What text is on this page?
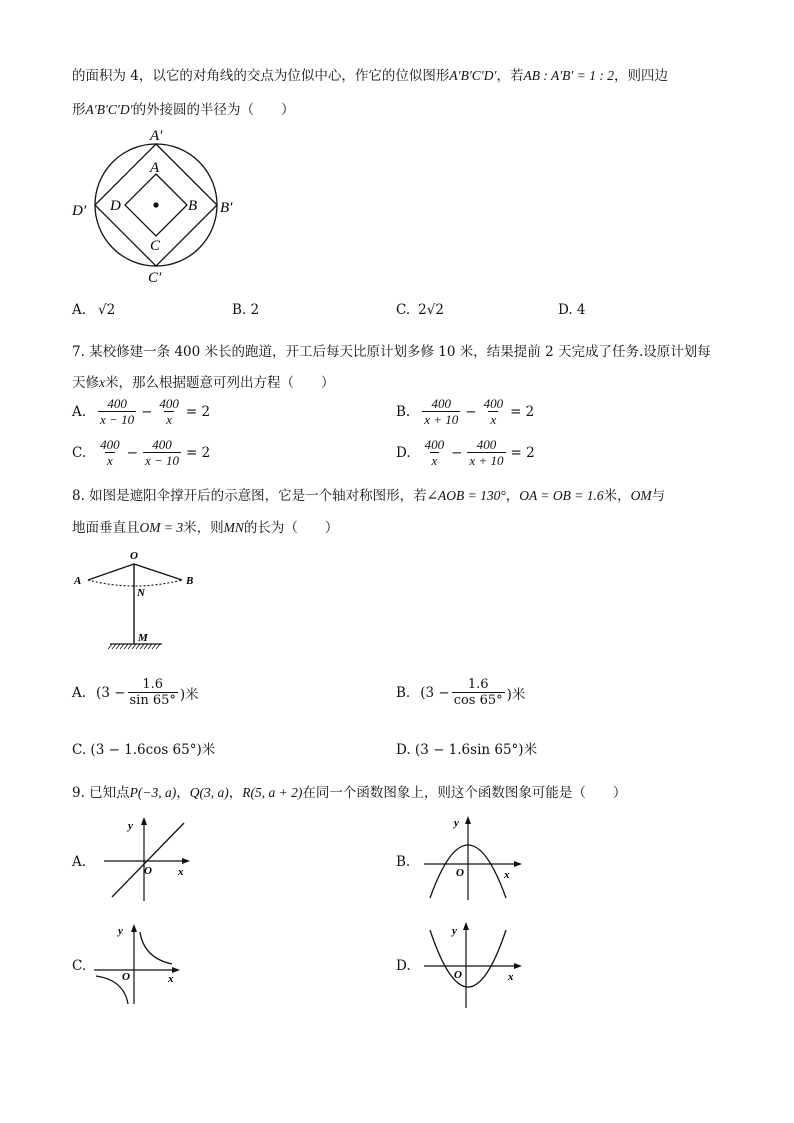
的面积为 4，以它的对角线的交点为位似中心，作它的位似图形A′B′C′D′，若AB : A′B′ = 1 : 2，则四边
形A′B′C′D′的外接圆的半径为（　　）
A′
B′
C′
D′
A
B
C
D
A. √2	B. 2	C. 2√2	D. 4
7. 某校修建一条 400 米长的跑道，开工后每天比原计划多修 10 米，结果提前 2 天完成了任务.设原计划每
天修x米，那么根据题意可列出方程（　　）
A. $\frac{400}{x - 10} - \frac{400}{x} = 2$	B. $\frac{400}{x + 10} - \frac{400}{x} = 2$
C. $\frac{400}{x} - \frac{400}{x - 10} = 2$	D. $\frac{400}{x} - \frac{400}{x + 10} = 2$
8. 如图是遮阳伞撑开后的示意图，它是一个轴对称图形，若∠AOB = 130°，OA = OB = 1.6米，OM与
地面垂直且OM = 3米，则MN的长为（　　）
O
A	B
N
M
A. ($3 - \frac{1.6}{\sin 65^\circ}$ )米	B. ($3 - \frac{1.6}{\cos 65^\circ}$ )米
C. (3 − 1.6cos 65°)米	D. (3 − 1.6sin 65°)米
9. 已知点P(−3, a)，Q(3, a)，R(5, a + 2)在同一个函数图象上，则这个函数图象可能是（　　）
A.
y
x
O
B.
y
x
O
C.
y
x
O
D.
y
x
O
